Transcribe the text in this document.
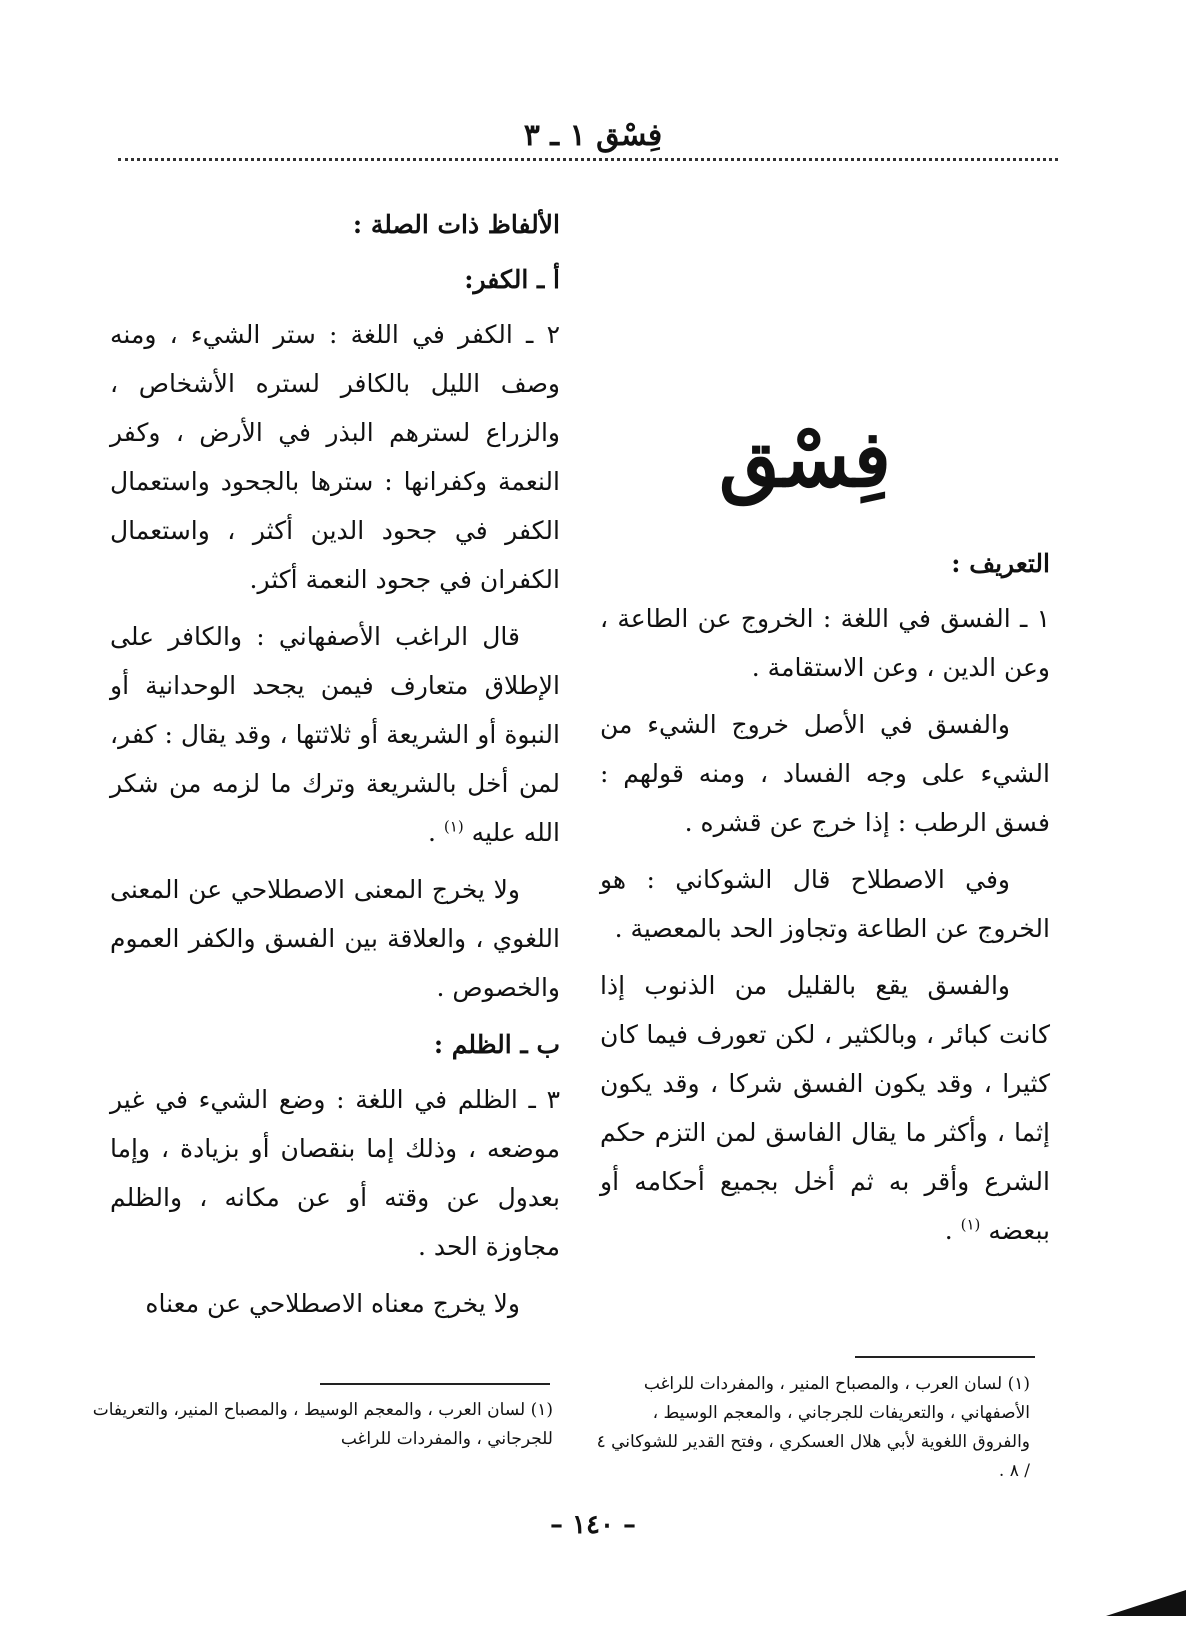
فِسْق ١ ـ ٣
فِسْق

التعريف :

١ ـ الفسق في اللغة : الخروج عن الطاعة ، وعن الدين ، وعن الاستقامة .

والفسق في الأصل خروج الشيء من الشيء على وجه الفساد ، ومنه قولهم : فسق الرطب : إذا خرج عن قشره .

وفي الاصطلاح قال الشوكاني : هو الخروج عن الطاعة وتجاوز الحد بالمعصية .

والفسق يقع بالقليل من الذنوب إذا كانت كبائر ، وبالكثير ، لكن تعورف فيما كان كثيرا ، وقد يكون الفسق شركا ، وقد يكون إثما ، وأكثر ما يقال الفاسق لمن التزم حكم الشرع وأقر به ثم أخل بجميع أحكامه أو ببعضه $^{(١)}$ .

الألفاظ ذات الصلة :

أ ـ الكفر:

٢ ـ الكفر في اللغة : ستر الشيء ، ومنه وصف الليل بالكافر لستره الأشخاص ، والزراع لسترهم البذر في الأرض ، وكفر النعمة وكفرانها : سترها بالجحود واستعمال الكفر في جحود الدين أكثر ، واستعمال الكفران في جحود النعمة أكثر.

قال الراغب الأصفهاني : والكافر على الإطلاق متعارف فيمن يجحد الوحدانية أو النبوة أو الشريعة أو ثلاثتها ، وقد يقال : كفر، لمن أخل بالشريعة وترك ما لزمه من شكر الله عليه $^{(١)}$ .

ولا يخرج المعنى الاصطلاحي عن المعنى اللغوي ، والعلاقة بين الفسق والكفر العموم والخصوص .

ب ـ الظلم :

٣ ـ الظلم في اللغة : وضع الشيء في غير موضعه ، وذلك إما بنقصان أو بزيادة ، وإما بعدول عن وقته أو عن مكانه ، والظلم مجاوزة الحد .

ولا يخرج معناه الاصطلاحي عن معناه

(١) لسان العرب ، والمصباح المنير ، والمفردات للراغب الأصفهاني ، والتعريفات للجرجاني ، والمعجم الوسيط ، والفروق اللغوية لأبي هلال العسكري ، وفتح القدير للشوكاني ٤ / ٨ .
(١) لسان العرب ، والمعجم الوسيط ، والمصباح المنير، والتعريفات للجرجاني ، والمفردات للراغب
– ١٤٠ –
